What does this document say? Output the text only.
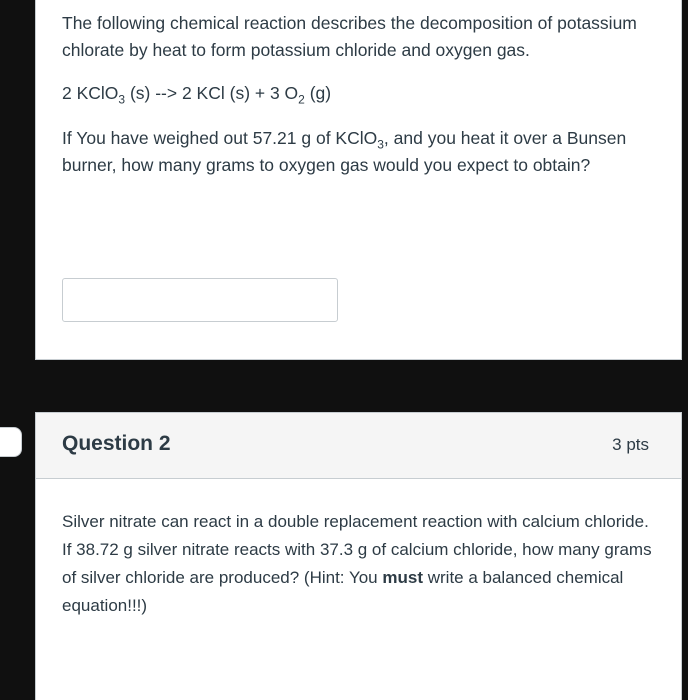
The following chemical reaction describes the decomposition of potassium chlorate by heat to form potassium chloride and oxygen gas.

2 KClO$_3$ (s) --> 2 KCl (s) + 3 $O_2$ (g)

If You have weighed out 57.21 g of KClO$_3$, and you heat it over a Bunsen burner, how many grams to oxygen gas would you expect to obtain?

Question 2	3 pts
Silver nitrate can react in a double replacement reaction with calcium chloride. If 38.72 g silver nitrate reacts with 37.3 g of calcium chloride, how many grams of silver chloride are produced? (Hint: You must write a balanced chemical equation!!!)
